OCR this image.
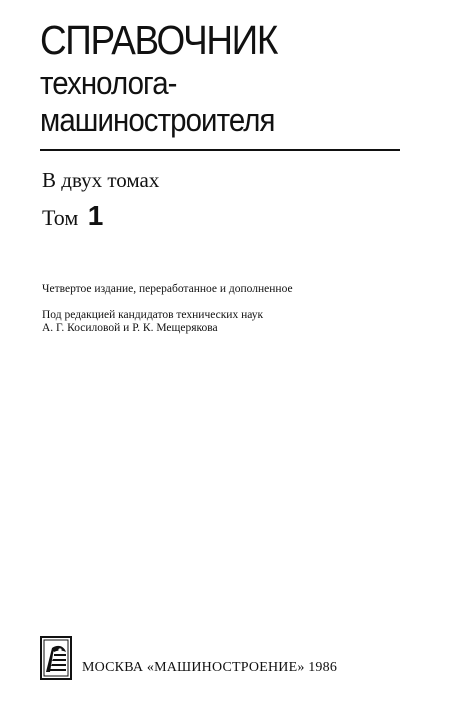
СПРАВОЧНИК
технолога-
машиностроителя
В двух томах
Том 1
Четвертое издание, переработанное и дополненное
Под редакцией кандидатов технических наук
А. Г. Косиловой и Р. К. Мещерякова
МОСКВА «МАШИНОСТРОЕНИЕ» 1986
